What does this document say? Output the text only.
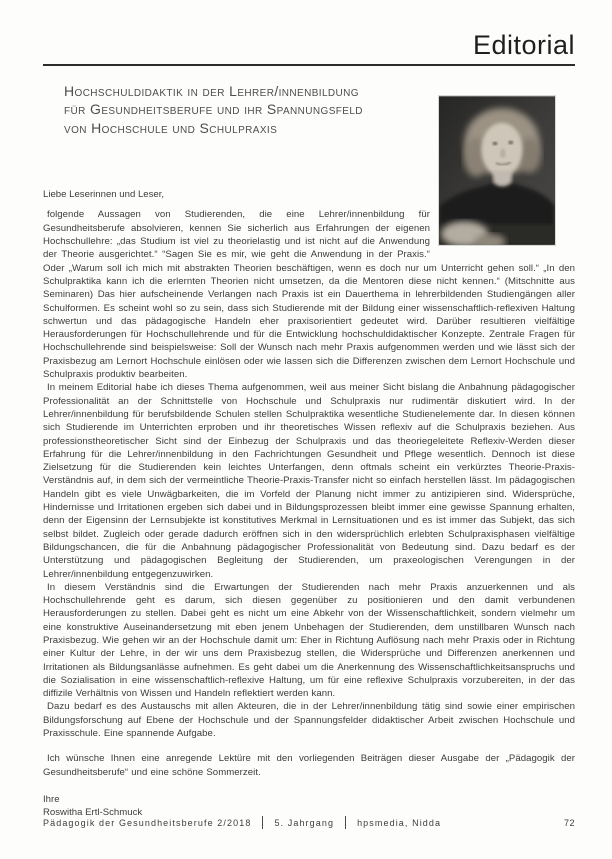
Editorial
Hochschuldidaktik in der Lehrer/innenbildung
für Gesundheitsberufe und ihr Spannungsfeld
von Hochschule und Schulpraxis

Liebe Leserinnen und Leser,

folgende Aussagen von Studierenden, die eine Lehrer/innenbildung für Gesundheitsberufe absolvieren, kennen Sie sicherlich aus Erfahrungen der eigenen Hochschullehre: „das Studium ist viel zu theorielastig und ist nicht auf die Anwendung der Theorie ausgerichtet.“ “Sagen Sie es mir, wie geht die Anwendung in der Praxis.“ Oder „Warum soll ich mich mit abstrakten Theorien beschäftigen, wenn es doch nur um Unterricht gehen soll.“ „In den Schulpraktika kann ich die erlernten Theorien nicht umsetzen, da die Mentoren diese nicht kennen.“ (Mitschnitte aus Seminaren) Das hier aufscheinende Verlangen nach Praxis ist ein Dauerthema in lehrerbildenden Studiengängen aller Schulformen. Es scheint wohl so zu sein, dass sich Studierende mit der Bildung einer wissenschaftlich-reflexiven Haltung schwertun und das pädagogische Handeln eher praxisorientiert gedeutet wird. Darüber resultieren vielfältige Herausforderungen für Hochschullehrende und für die Entwicklung hochschuldidaktischer Konzepte. Zentrale Fragen für Hochschullehrende sind beispielsweise: Soll der Wunsch nach mehr Praxis aufgenommen werden und wie lässt sich der Praxisbezug am Lernort Hochschule einlösen oder wie lassen sich die Differenzen zwischen dem Lernort Hochschule und Schulpraxis produktiv bearbeiten.

In meinem Editorial habe ich dieses Thema aufgenommen, weil aus meiner Sicht bislang die Anbahnung pädagogischer Professionalität an der Schnittstelle von Hochschule und Schulpraxis nur rudimentär diskutiert wird. In der Lehrer/innenbildung für berufsbildende Schulen stellen Schulpraktika wesentliche Studienelemente dar. In diesen können sich Studierende im Unterrichten erproben und ihr theoretisches Wissen reflexiv auf die Schulpraxis beziehen. Aus professionstheoretischer Sicht sind der Einbezug der Schulpraxis und das theoriegeleitete Reflexiv-Werden dieser Erfahrung für die Lehrer/innenbildung in den Fachrichtungen Gesundheit und Pflege wesentlich. Dennoch ist diese Zielsetzung für die Studierenden kein leichtes Unterfangen, denn oftmals scheint ein verkürztes Theorie-Praxis-Verständnis auf, in dem sich der vermeintliche Theorie-Praxis-Transfer nicht so einfach herstellen lässt. Im pädagogischen Handeln gibt es viele Unwägbarkeiten, die im Vorfeld der Planung nicht immer zu antizipieren sind. Widersprüche, Hindernisse und Irritationen ergeben sich dabei und in Bildungsprozessen bleibt immer eine gewisse Spannung erhalten, denn der Eigensinn der Lernsubjekte ist konstitutives Merkmal in Lernsituationen und es ist immer das Subjekt, das sich selbst bildet. Zugleich oder gerade dadurch eröffnen sich in den widersprüchlich erlebten Schulpraxisphasen vielfältige Bildungschancen, die für die Anbahnung pädagogischer Professionalität von Bedeutung sind. Dazu bedarf es der Unterstützung und pädagogischen Begleitung der Studierenden, um praxeologischen Verengungen in der Lehrer/innenbildung entgegenzuwirken.

In diesem Verständnis sind die Erwartungen der Studierenden nach mehr Praxis anzuerkennen und als Hochschullehrende geht es darum, sich diesen gegenüber zu positionieren und den damit verbundenen Herausforderungen zu stellen. Dabei geht es nicht um eine Abkehr von der Wissenschaftlichkeit, sondern vielmehr um eine konstruktive Auseinandersetzung mit eben jenem Unbehagen der Studierenden, dem unstillbaren Wunsch nach Praxisbezug. Wie gehen wir an der Hochschule damit um: Eher in Richtung Auflösung nach mehr Praxis oder in Richtung einer Kultur der Lehre, in der wir uns dem Praxisbezug stellen, die Widersprüche und Differenzen anerkennen und Irritationen als Bildungsanlässe aufnehmen. Es geht dabei um die Anerkennung des Wissenschaftlichkeitsanspruchs und die Sozialisation in eine wissenschaftlich-reflexive Haltung, um für eine reflexive Schulpraxis vorzubereiten, in der das diffizile Verhältnis von Wissen und Handeln reflektiert werden kann.

Dazu bedarf es des Austauschs mit allen Akteuren, die in der Lehrer/innenbildung tätig sind sowie einer empirischen Bildungsforschung auf Ebene der Hochschule und der Spannungsfelder didaktischer Arbeit zwischen Hochschule und Praxisschule. Eine spannende Aufgabe.

Ich wünsche Ihnen eine anregende Lektüre mit den vorliegenden Beiträgen dieser Ausgabe der „Pädagogik der Gesundheitsberufe“ und eine schöne Sommerzeit.

Ihre
Roswitha Ertl-Schmuck

Pädagogik der Gesundheitsberufe 2/2018	5. Jahrgang	hpsmedia, Nidda	72
